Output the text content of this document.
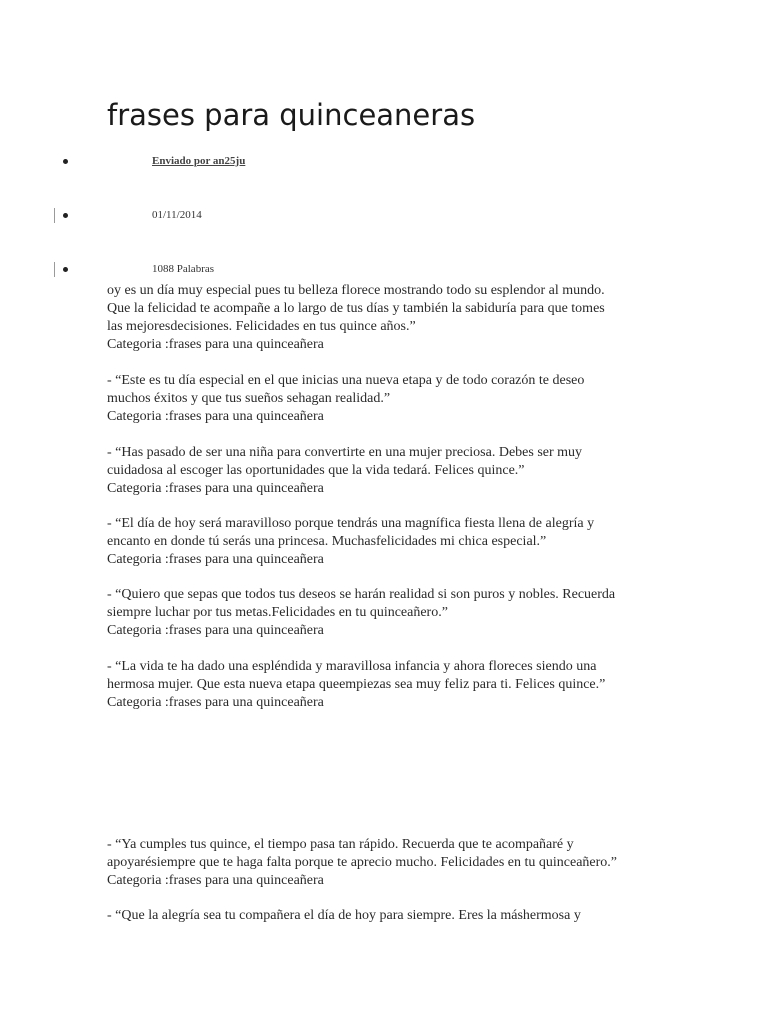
frases para quinceaneras
Enviado por an25ju
01/11/2014
1088 Palabras

oy es un día muy especial pues tu belleza florece mostrando todo su esplendor al mundo.

Que la felicidad te acompañe a lo largo de tus días y también la sabiduría para que tomes

las mejoresdecisiones. Felicidades en tus quince años.”

Categoria :frases para una quinceañera

- “Este es tu día especial en el que inicias una nueva etapa y de todo corazón te deseo

muchos éxitos y que tus sueños sehagan realidad.”

Categoria :frases para una quinceañera

- “Has pasado de ser una niña para convertirte en una mujer preciosa. Debes ser muy

cuidadosa al escoger las oportunidades que la vida tedará. Felices quince.”

Categoria :frases para una quinceañera

- “El día de hoy será maravilloso porque tendrás una magnífica fiesta llena de alegría y

encanto en donde tú serás una princesa. Muchasfelicidades mi chica especial.”

Categoria :frases para una quinceañera

- “Quiero que sepas que todos tus deseos se harán realidad si son puros y nobles. Recuerda

siempre luchar por tus metas.Felicidades en tu quinceañero.”

Categoria :frases para una quinceañera

- “La vida te ha dado una espléndida y maravillosa infancia y ahora floreces siendo una

hermosa mujer. Que esta nueva etapa queempiezas sea muy feliz para ti. Felices quince.”

Categoria :frases para una quinceañera

- “Ya cumples tus quince, el tiempo pasa tan rápido. Recuerda que te acompañaré y

apoyarésiempre que te haga falta porque te aprecio mucho. Felicidades en tu quinceañero.”

Categoria :frases para una quinceañera

- “Que la alegría sea tu compañera el día de hoy para siempre. Eres la máshermosa y
